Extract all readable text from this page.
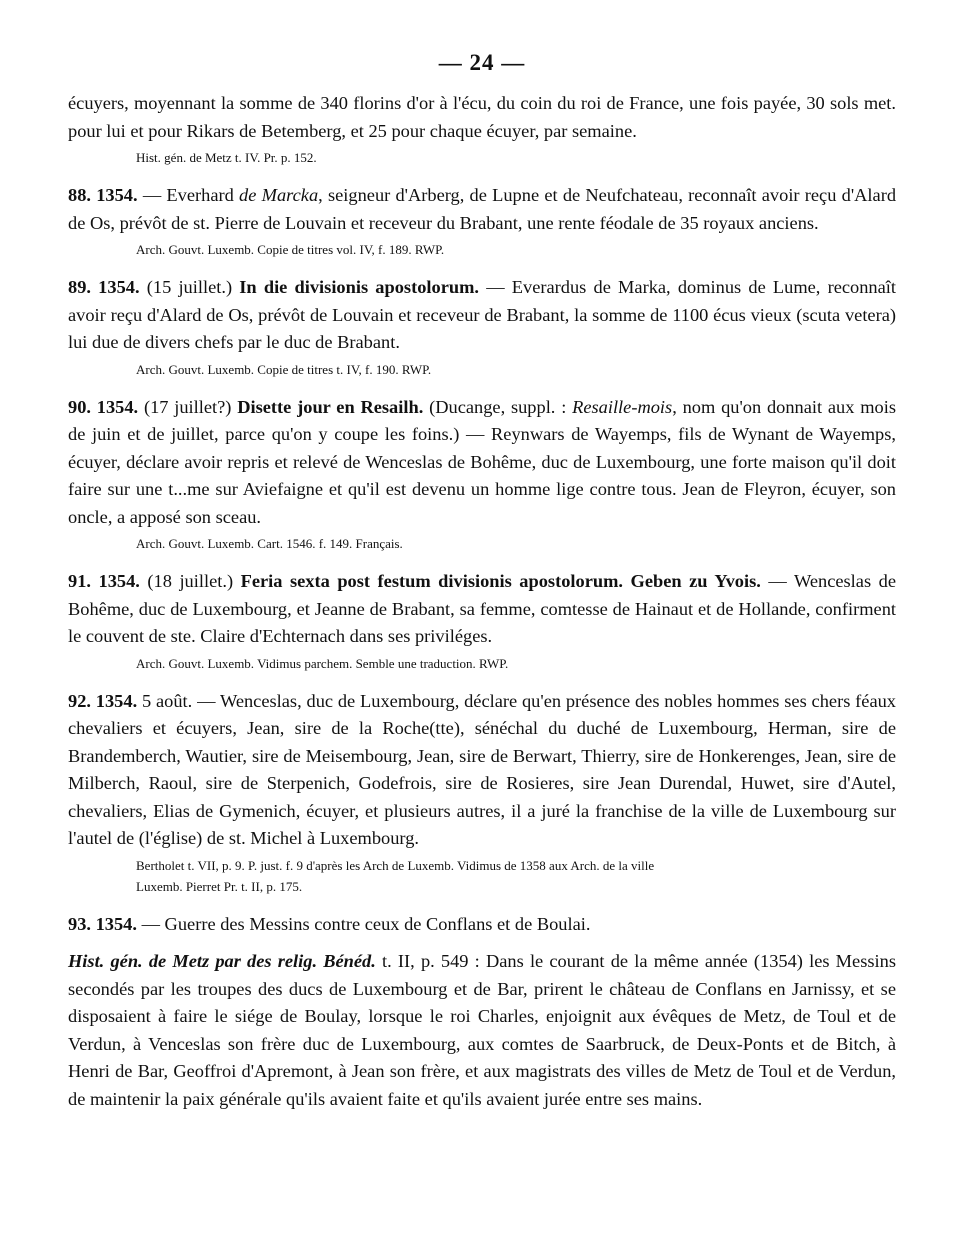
— 24 —

écuyers, moyennant la somme de 340 florins d'or à l'écu, du coin du roi de France, une fois payée, 30 sols met. pour lui et pour Rikars de Betemberg, et 25 pour chaque écuyer, par semaine.

Hist. gén. de Metz t. IV. Pr. p. 152.

88. 1354. — Everhard de Marcka, seigneur d'Arberg, de Lupne et de Neufchateau, reconnaît avoir reçu d'Alard de Os, prévôt de st. Pierre de Louvain et receveur du Brabant, une rente féodale de 35 royaux anciens.

Arch. Gouvt. Luxemb. Copie de titres vol. IV, f. 189. RWP.

89. 1354. (15 juillet.) In die divisionis apostolorum. — Everardus de Marka, dominus de Lume, reconnaît avoir reçu d'Alard de Os, prévôt de Louvain et receveur de Brabant, la somme de 1100 écus vieux (scuta vetera) lui due de divers chefs par le duc de Brabant.

Arch. Gouvt. Luxemb. Copie de titres t. IV, f. 190. RWP.

90. 1354. (17 juillet?) Disette jour en Resailh. (Ducange, suppl. : Resaille-mois, nom qu'on donnait aux mois de juin et de juillet, parce qu'on y coupe les foins.) — Reynwars de Wayemps, fils de Wynant de Wayemps, écuyer, déclare avoir repris et relevé de Wenceslas de Bohême, duc de Luxembourg, une forte maison qu'il doit faire sur une t...me sur Aviefaigne et qu'il est devenu un homme lige contre tous. Jean de Fleyron, écuyer, son oncle, a apposé son sceau.

Arch. Gouvt. Luxemb. Cart. 1546. f. 149. Français.

91. 1354. (18 juillet.) Feria sexta post festum divisionis apostolorum. Geben zu Yvois. — Wenceslas de Bohême, duc de Luxembourg, et Jeanne de Brabant, sa femme, comtesse de Hainaut et de Hollande, confirment le couvent de ste. Claire d'Echternach dans ses priviléges.

Arch. Gouvt. Luxemb. Vidimus parchem. Semble une traduction. RWP.

92. 1354. 5 août. — Wenceslas, duc de Luxembourg, déclare qu'en présence des nobles hommes ses chers féaux chevaliers et écuyers, Jean, sire de la Roche(tte), sénéchal du duché de Luxembourg, Herman, sire de Brandemberch, Wautier, sire de Meisembourg, Jean, sire de Berwart, Thierry, sire de Honkerenges, Jean, sire de Milberch, Raoul, sire de Sterpenich, Godefrois, sire de Rosieres, sire Jean Durendal, Huwet, sire d'Autel, chevaliers, Elias de Gymenich, écuyer, et plusieurs autres, il a juré la franchise de la ville de Luxembourg sur l'autel de (l'église) de st. Michel à Luxembourg.

Bertholet t. VII, p. 9. P. just. f. 9 d'après les Arch de Luxemb. Vidimus de 1358 aux Arch. de la ville
Luxemb. Pierret Pr. t. II, p. 175.

93. 1354. — Guerre des Messins contre ceux de Conflans et de Boulai.

Hist. gén. de Metz par des relig. Bénéd. t. II, p. 549 : Dans le courant de la même année (1354) les Messins secondés par les troupes des ducs de Luxembourg et de Bar, prirent le château de Conflans en Jarnissy, et se disposaient à faire le siége de Boulay, lorsque le roi Charles, enjoignit aux évêques de Metz, de Toul et de Verdun, à Venceslas son frère duc de Luxembourg, aux comtes de Saarbruck, de Deux-Ponts et de Bitch, à Henri de Bar, Geoffroi d'Apremont, à Jean son frère, et aux magistrats des villes de Metz de Toul et de Verdun, de maintenir la paix générale qu'ils avaient faite et qu'ils avaient jurée entre ses mains.
